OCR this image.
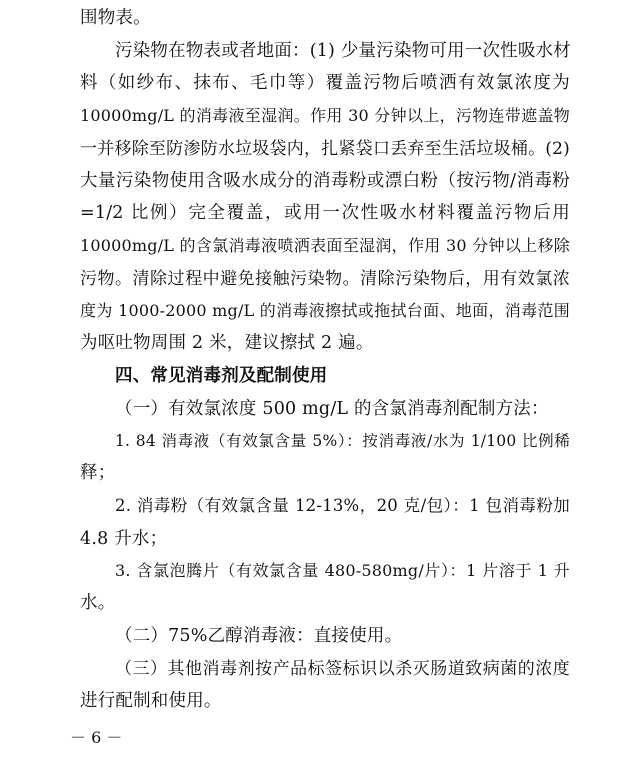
围物表。
污染物在物表或者地面：(1) 少量污染物可用一次性吸水材
料（如纱布、抹布、毛巾等）覆盖污物后喷洒有效氯浓度为
10000mg/L 的消毒液至湿润。作用 30 分钟以上，污物连带遮盖物
一并移除至防渗防水垃圾袋内，扎紧袋口丢弃至生活垃圾桶。(2)
大量污染物使用含吸水成分的消毒粉或漂白粉（按污物/消毒粉
=1/2 比例）完全覆盖，或用一次性吸水材料覆盖污物后用
10000mg/L 的含氯消毒液喷洒表面至湿润，作用 30 分钟以上移除
污物。清除过程中避免接触污染物。清除污染物后，用有效氯浓
度为 1000-2000 mg/L 的消毒液擦拭或拖拭台面、地面，消毒范围
为呕吐物周围 2 米，建议擦拭 2 遍。
四、常见消毒剂及配制使用
（一）有效氯浓度 500 mg/L 的含氯消毒剂配制方法：
1. 84 消毒液（有效氯含量 5%）：按消毒液/水为 1/100 比例稀
释；
2. 消毒粉（有效氯含量 12-13%，20 克/包）：1 包消毒粉加
4.8 升水；
3. 含氯泡腾片（有效氯含量 480-580mg/片）：1 片溶于 1 升
水。
（二）75%乙醇消毒液：直接使用。
（三）其他消毒剂按产品标签标识以杀灭肠道致病菌的浓度
进行配制和使用。
－ 6 －
